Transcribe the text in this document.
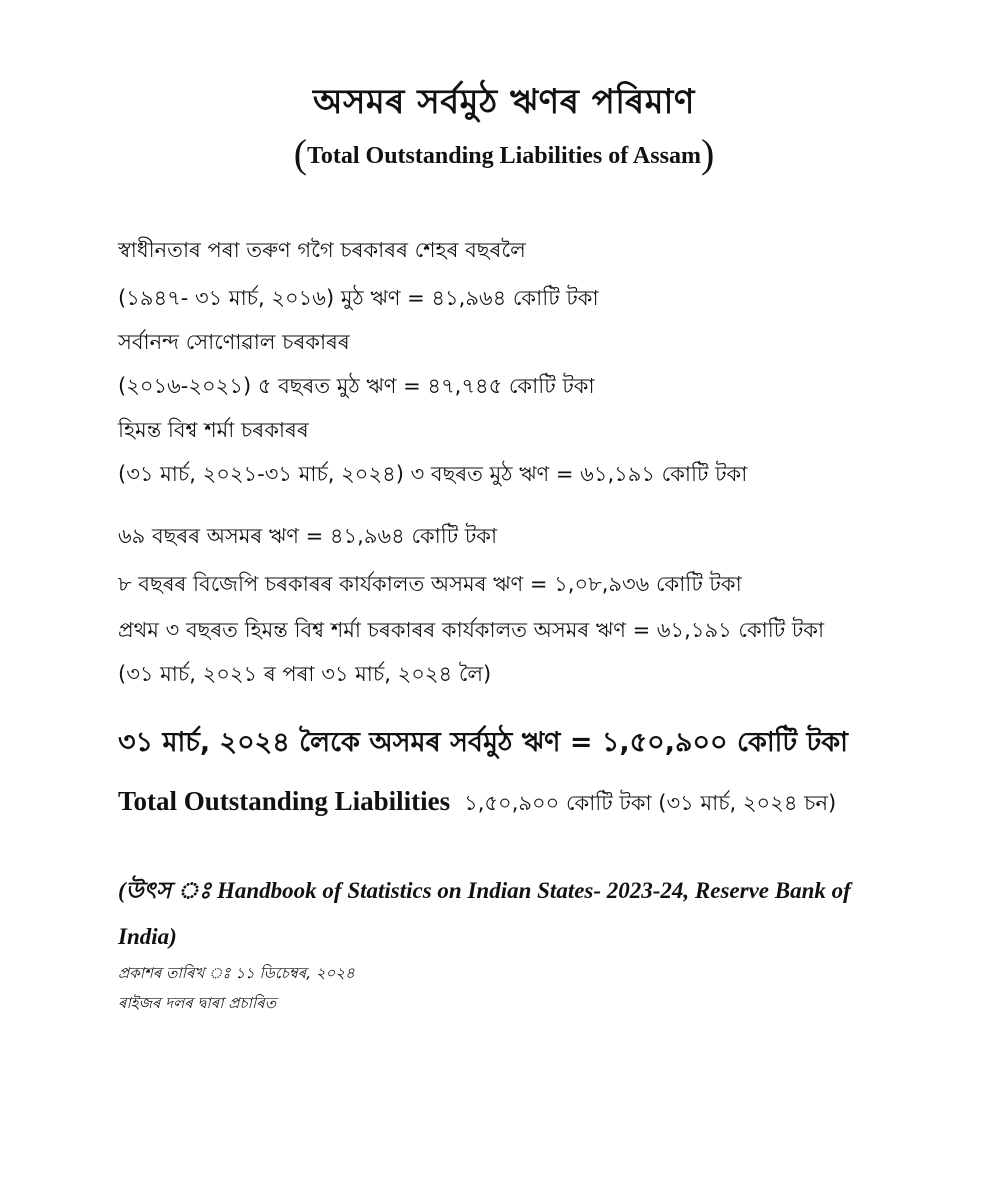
অসমৰ সৰ্বমুঠ ঋণৰ পৰিমাণ
(Total Outstanding Liabilities of Assam)
স্বাধীনতাৰ পৰা তৰুণ গগৈ চৰকাৰৰ শেহৰ বছৰলৈ
(১৯৪৭- ৩১ মাৰ্চ, ২০১৬) মুঠ ঋণ = ৪১,৯৬৪ কোটি টকা
সৰ্বানন্দ সোণোৱাল চৰকাৰৰ
(২০১৬-২০২১) ৫ বছৰত মুঠ ঋণ = ৪৭,৭৪৫ কোটি টকা
হিমন্ত বিশ্ব শৰ্মা চৰকাৰৰ
(৩১ মাৰ্চ, ২০২১-৩১ মাৰ্চ, ২০২৪) ৩ বছৰত মুঠ ঋণ = ৬১,১৯১ কোটি টকা
৬৯ বছৰৰ অসমৰ ঋণ = ৪১,৯৬৪ কোটি টকা
৮ বছৰৰ বিজেপি চৰকাৰৰ কাৰ্যকালত অসমৰ ঋণ = ১,০৮,৯৩৬ কোটি টকা
প্ৰথম ৩ বছৰত হিমন্ত বিশ্ব শৰ্মা চৰকাৰৰ কাৰ্যকালত অসমৰ ঋণ = ৬১,১৯১ কোটি টকা
(৩১ মাৰ্চ, ২০২১ ৰ পৰা ৩১ মাৰ্চ, ২০২৪ লৈ)
৩১ মাৰ্চ, ২০২৪ লৈকে অসমৰ সৰ্বমুঠ ঋণ = ১,৫০,৯০০ কোটি টকা
Total Outstanding Liabilities ১,৫০,৯০০ কোটি টকা (৩১ মাৰ্চ, ২০২৪ চন)
(উৎস ঃ Handbook of Statistics on Indian States- 2023-24, Reserve Bank of India)
প্ৰকাশৰ তাৰিখ ঃ ১১ ডিচেম্বৰ, ২০২৪
ৰাইজৰ দলৰ দ্বাৰা প্ৰচাৰিত
